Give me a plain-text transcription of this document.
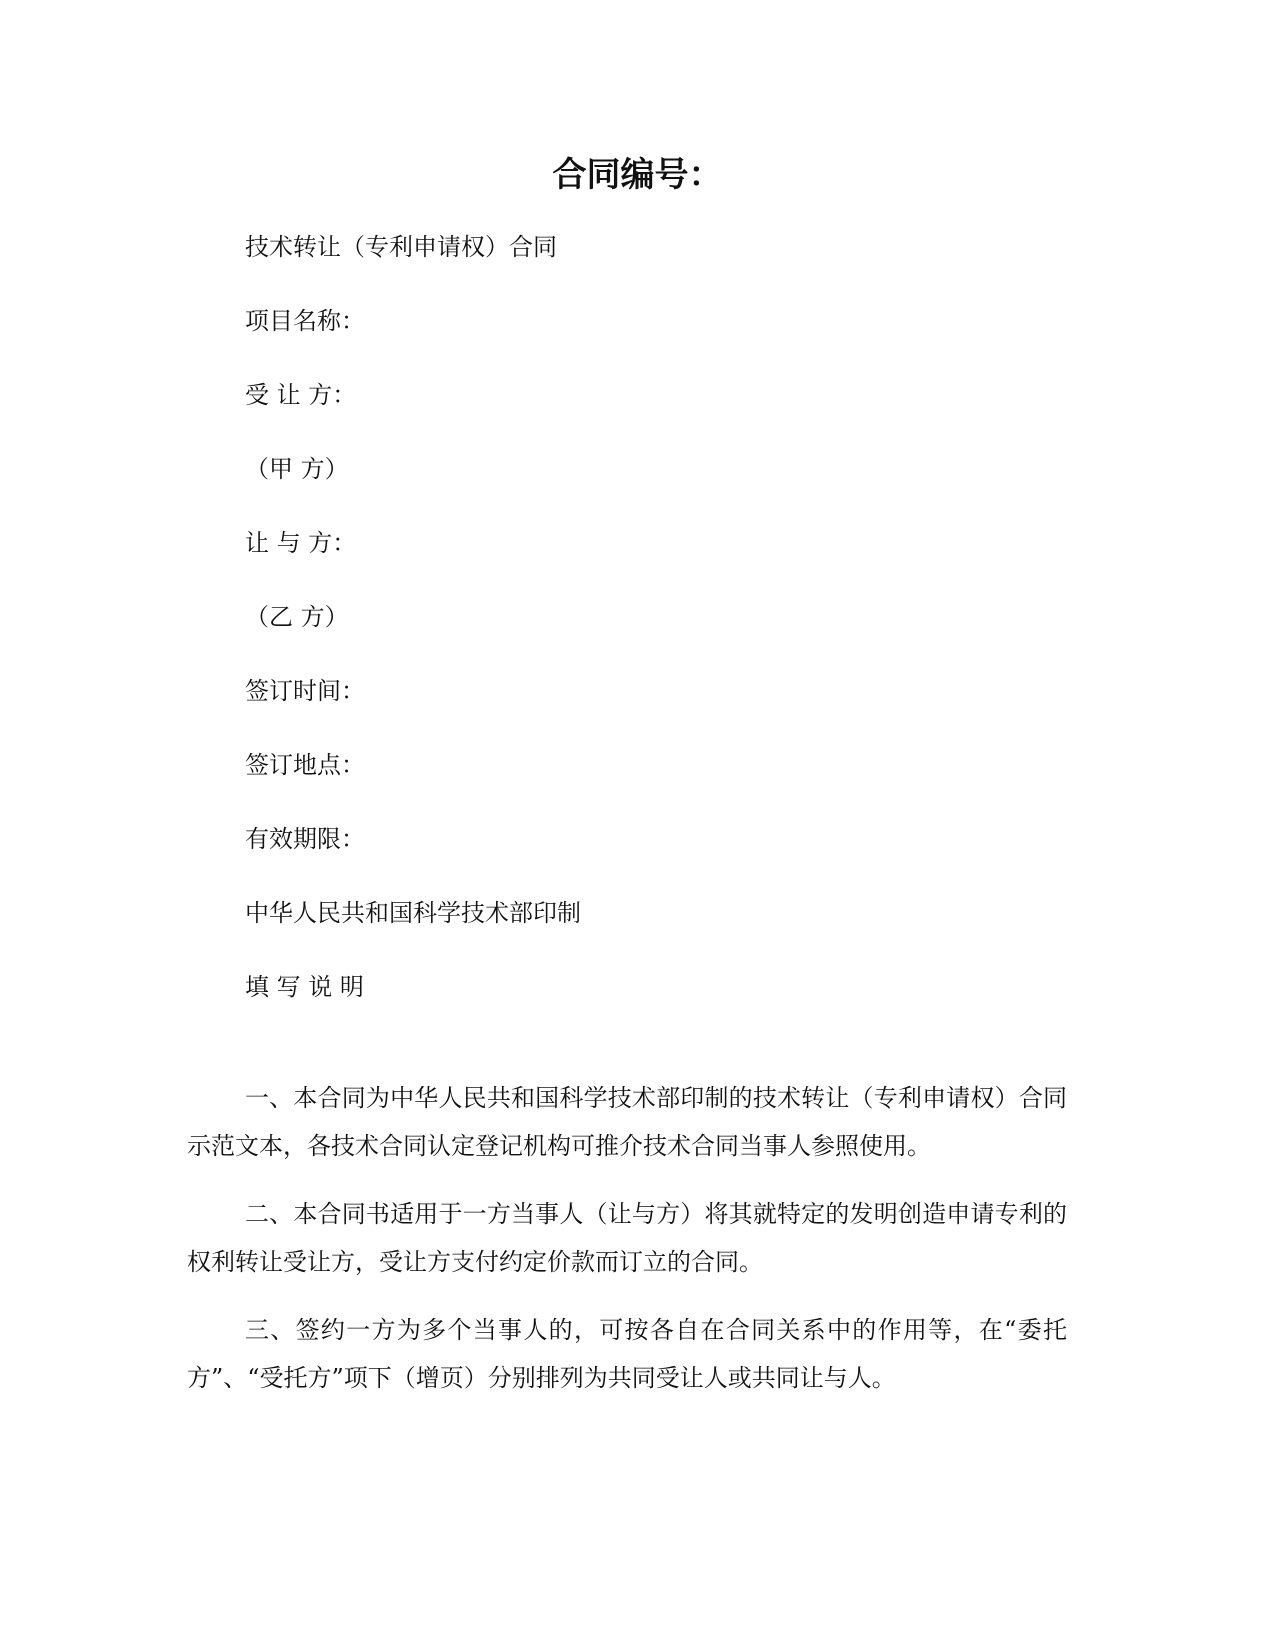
合同编号：
技术转让（专利申请权）合同
项目名称：
受 让 方：
（甲 方）
让 与 方：
（乙 方）
签订时间：
签订地点：
有效期限：
中华人民共和国科学技术部印制
填 写 说 明
一、本合同为中华人民共和国科学技术部印制的技术转让（专利申请权）合同示范文本，各技术合同认定登记机构可推介技术合同当事人参照使用。
二、本合同书适用于一方当事人（让与方）将其就特定的发明创造申请专利的权利转让受让方，受让方支付约定价款而订立的合同。
三、签约一方为多个当事人的，可按各自在合同关系中的作用等，在“委托方”、“受托方”项下（增页）分别排列为共同受让人或共同让与人。
